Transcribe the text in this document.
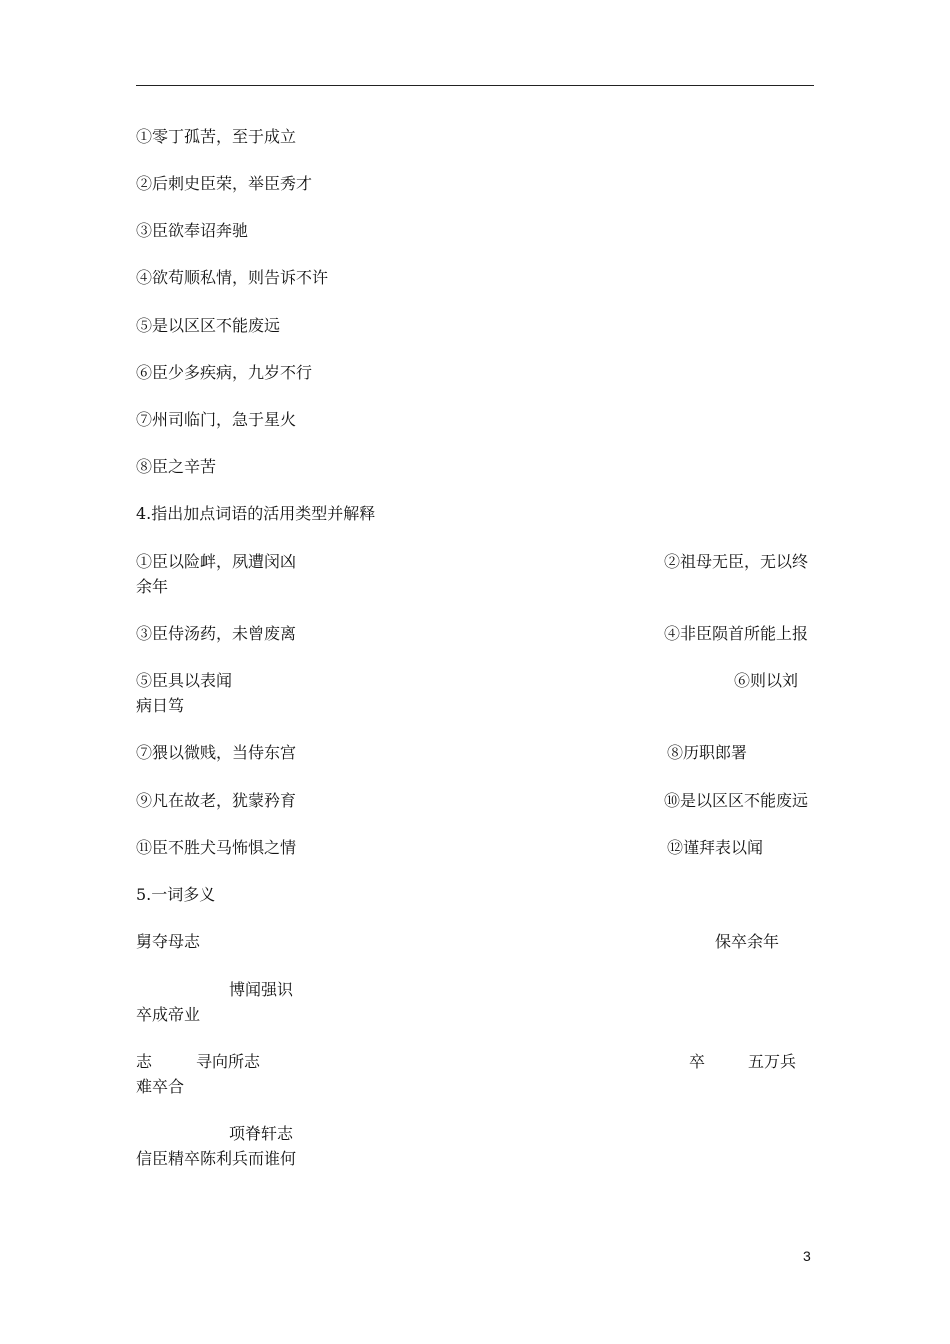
①零丁孤苦，至于成立
②后刺史臣荣，举臣秀才
③臣欲奉诏奔驰
④欲苟顺私情，则告诉不许
⑤是以区区不能废远
⑥臣少多疾病，九岁不行
⑦州司临门，急于星火
⑧臣之辛苦
4.指出加点词语的活用类型并解释
①臣以险衅，夙遭闵凶	②祖母无臣，无以终
余年
③臣侍汤药，未曾废离	④非臣陨首所能上报
⑤臣具以表闻	⑥则以刘
病日笃
⑦猥以微贱，当侍东宫	⑧历职郎署
⑨凡在故老，犹蒙矜育	⑩是以区区不能废远
⑪臣不胜犬马怖惧之情	⑫谨拜表以闻
5.一词多义
舅夺母志	保卒余年
博闻强识
卒成帝业
志	寻向所志	卒	五万兵
难卒合
项脊轩志
信臣精卒陈利兵而谁何
3
